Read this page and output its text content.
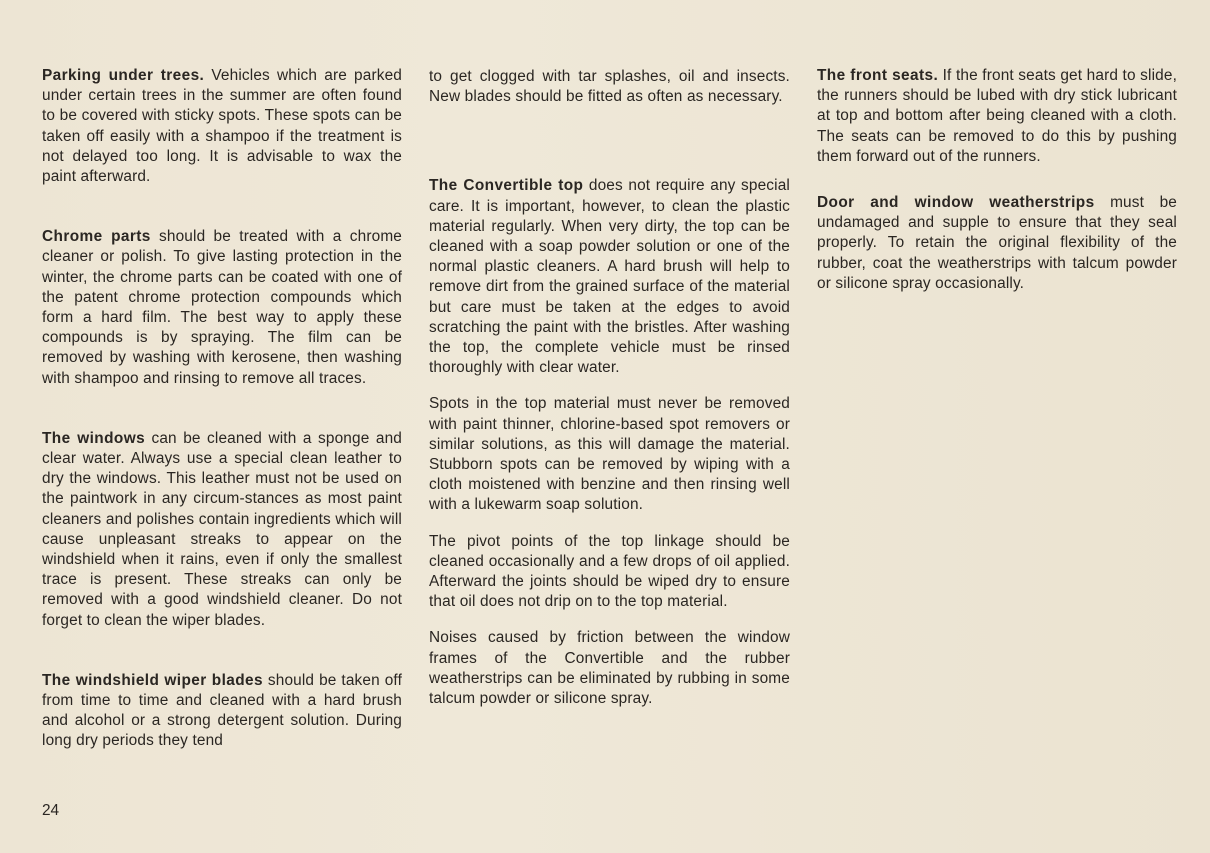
Parking under trees. Vehicles which are parked under certain trees in the summer are often found to be covered with sticky spots. These spots can be taken off easily with a shampoo if the treatment is not delayed too long. It is advisable to wax the paint afterward.

Chrome parts should be treated with a chrome cleaner or polish. To give lasting protection in the winter, the chrome parts can be coated with one of the patent chrome protection compounds which form a hard film. The best way to apply these compounds is by spraying. The film can be removed by washing with kerosene, then washing with shampoo and rinsing to remove all traces.

The windows can be cleaned with a sponge and clear water. Always use a special clean leather to dry the windows. This leather must not be used on the paintwork in any circum-stances as most paint cleaners and polishes contain ingredients which will cause unpleasant streaks to appear on the windshield when it rains, even if only the smallest trace is present. These streaks can only be removed with a good windshield cleaner. Do not forget to clean the wiper blades.

The windshield wiper blades should be taken off from time to time and cleaned with a hard brush and alcohol or a strong detergent solution. During long dry periods they tend

to get clogged with tar splashes, oil and insects. New blades should be fitted as often as necessary.

The Convertible top does not require any special care. It is important, however, to clean the plastic material regularly. When very dirty, the top can be cleaned with a soap powder solution or one of the normal plastic cleaners. A hard brush will help to remove dirt from the grained surface of the material but care must be taken at the edges to avoid scratching the paint with the bristles. After washing the top, the complete vehicle must be rinsed thoroughly with clear water.

Spots in the top material must never be removed with paint thinner, chlorine-based spot removers or similar solutions, as this will damage the material. Stubborn spots can be removed by wiping with a cloth moistened with benzine and then rinsing well with a lukewarm soap solution.

The pivot points of the top linkage should be cleaned occasionally and a few drops of oil applied. Afterward the joints should be wiped dry to ensure that oil does not drip on to the top material.

Noises caused by friction between the window frames of the Convertible and the rubber weatherstrips can be eliminated by rubbing in some talcum powder or silicone spray.

The front seats. If the front seats get hard to slide, the runners should be lubed with dry stick lubricant at top and bottom after being cleaned with a cloth. The seats can be removed to do this by pushing them forward out of the runners.

Door and window weatherstrips must be undamaged and supple to ensure that they seal properly. To retain the original flexibility of the rubber, coat the weatherstrips with talcum powder or silicone spray occasionally.

24
